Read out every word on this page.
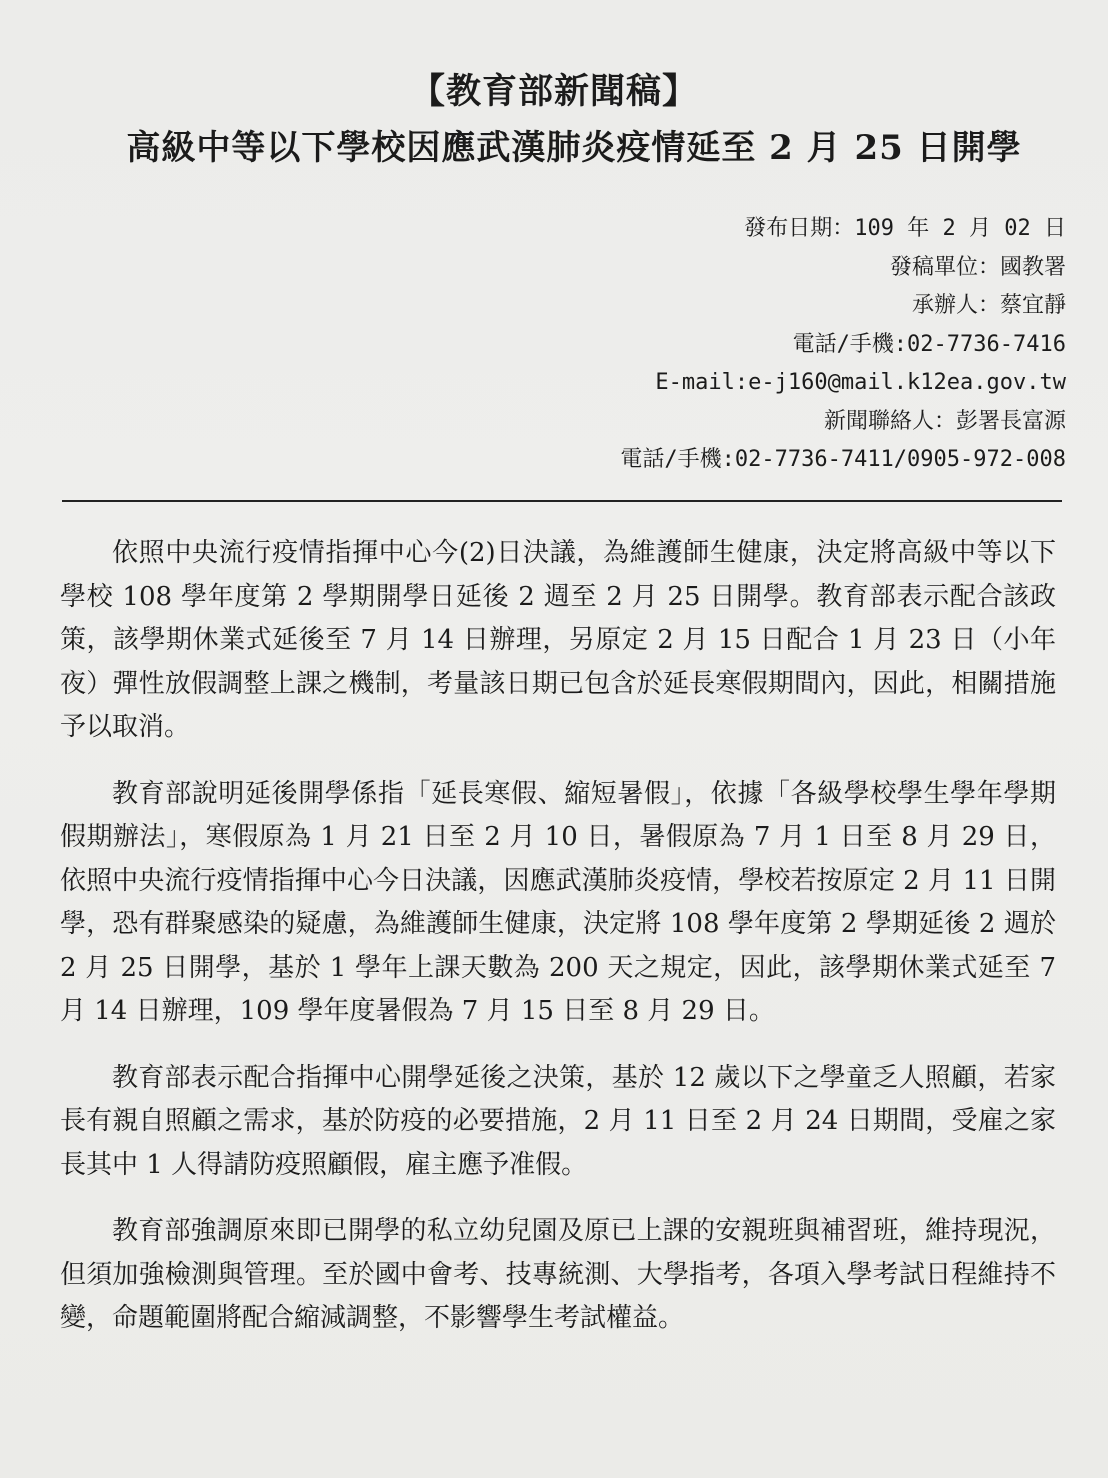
【教育部新聞稿】
高級中等以下學校因應武漢肺炎疫情延至 2 月 25 日開學
發布日期：109 年 2 月 02 日
發稿單位：國教署
承辦人：蔡宜靜
電話/手機:02-7736-7416
E-mail:e-j160@mail.k12ea.gov.tw
新聞聯絡人：彭署長富源
電話/手機:02-7736-7411/0905-972-008

依照中央流行疫情指揮中心今(2)日決議，為維護師生健康，決定將高級中等以下學校 108 學年度第 2 學期開學日延後 2 週至 2 月 25 日開學。教育部表示配合該政策，該學期休業式延後至 7 月 14 日辦理，另原定 2 月 15 日配合 1 月 23 日（小年夜）彈性放假調整上課之機制，考量該日期已包含於延長寒假期間內，因此，相關措施予以取消。

教育部說明延後開學係指「延長寒假、縮短暑假」，依據「各級學校學生學年學期假期辦法」，寒假原為 1 月 21 日至 2 月 10 日，暑假原為 7 月 1 日至 8 月 29 日，依照中央流行疫情指揮中心今日決議，因應武漢肺炎疫情，學校若按原定 2 月 11 日開學，恐有群聚感染的疑慮，為維護師生健康，決定將 108 學年度第 2 學期延後 2 週於 2 月 25 日開學，基於 1 學年上課天數為 200 天之規定，因此，該學期休業式延至 7 月 14 日辦理，109 學年度暑假為 7 月 15 日至 8 月 29 日。

教育部表示配合指揮中心開學延後之決策，基於 12 歲以下之學童乏人照顧，若家長有親自照顧之需求，基於防疫的必要措施，2 月 11 日至 2 月 24 日期間，受雇之家長其中 1 人得請防疫照顧假，雇主應予准假。

教育部強調原來即已開學的私立幼兒園及原已上課的安親班與補習班，維持現況，但須加強檢測與管理。至於國中會考、技專統測、大學指考，各項入學考試日程維持不變，命題範圍將配合縮減調整，不影響學生考試權益。
